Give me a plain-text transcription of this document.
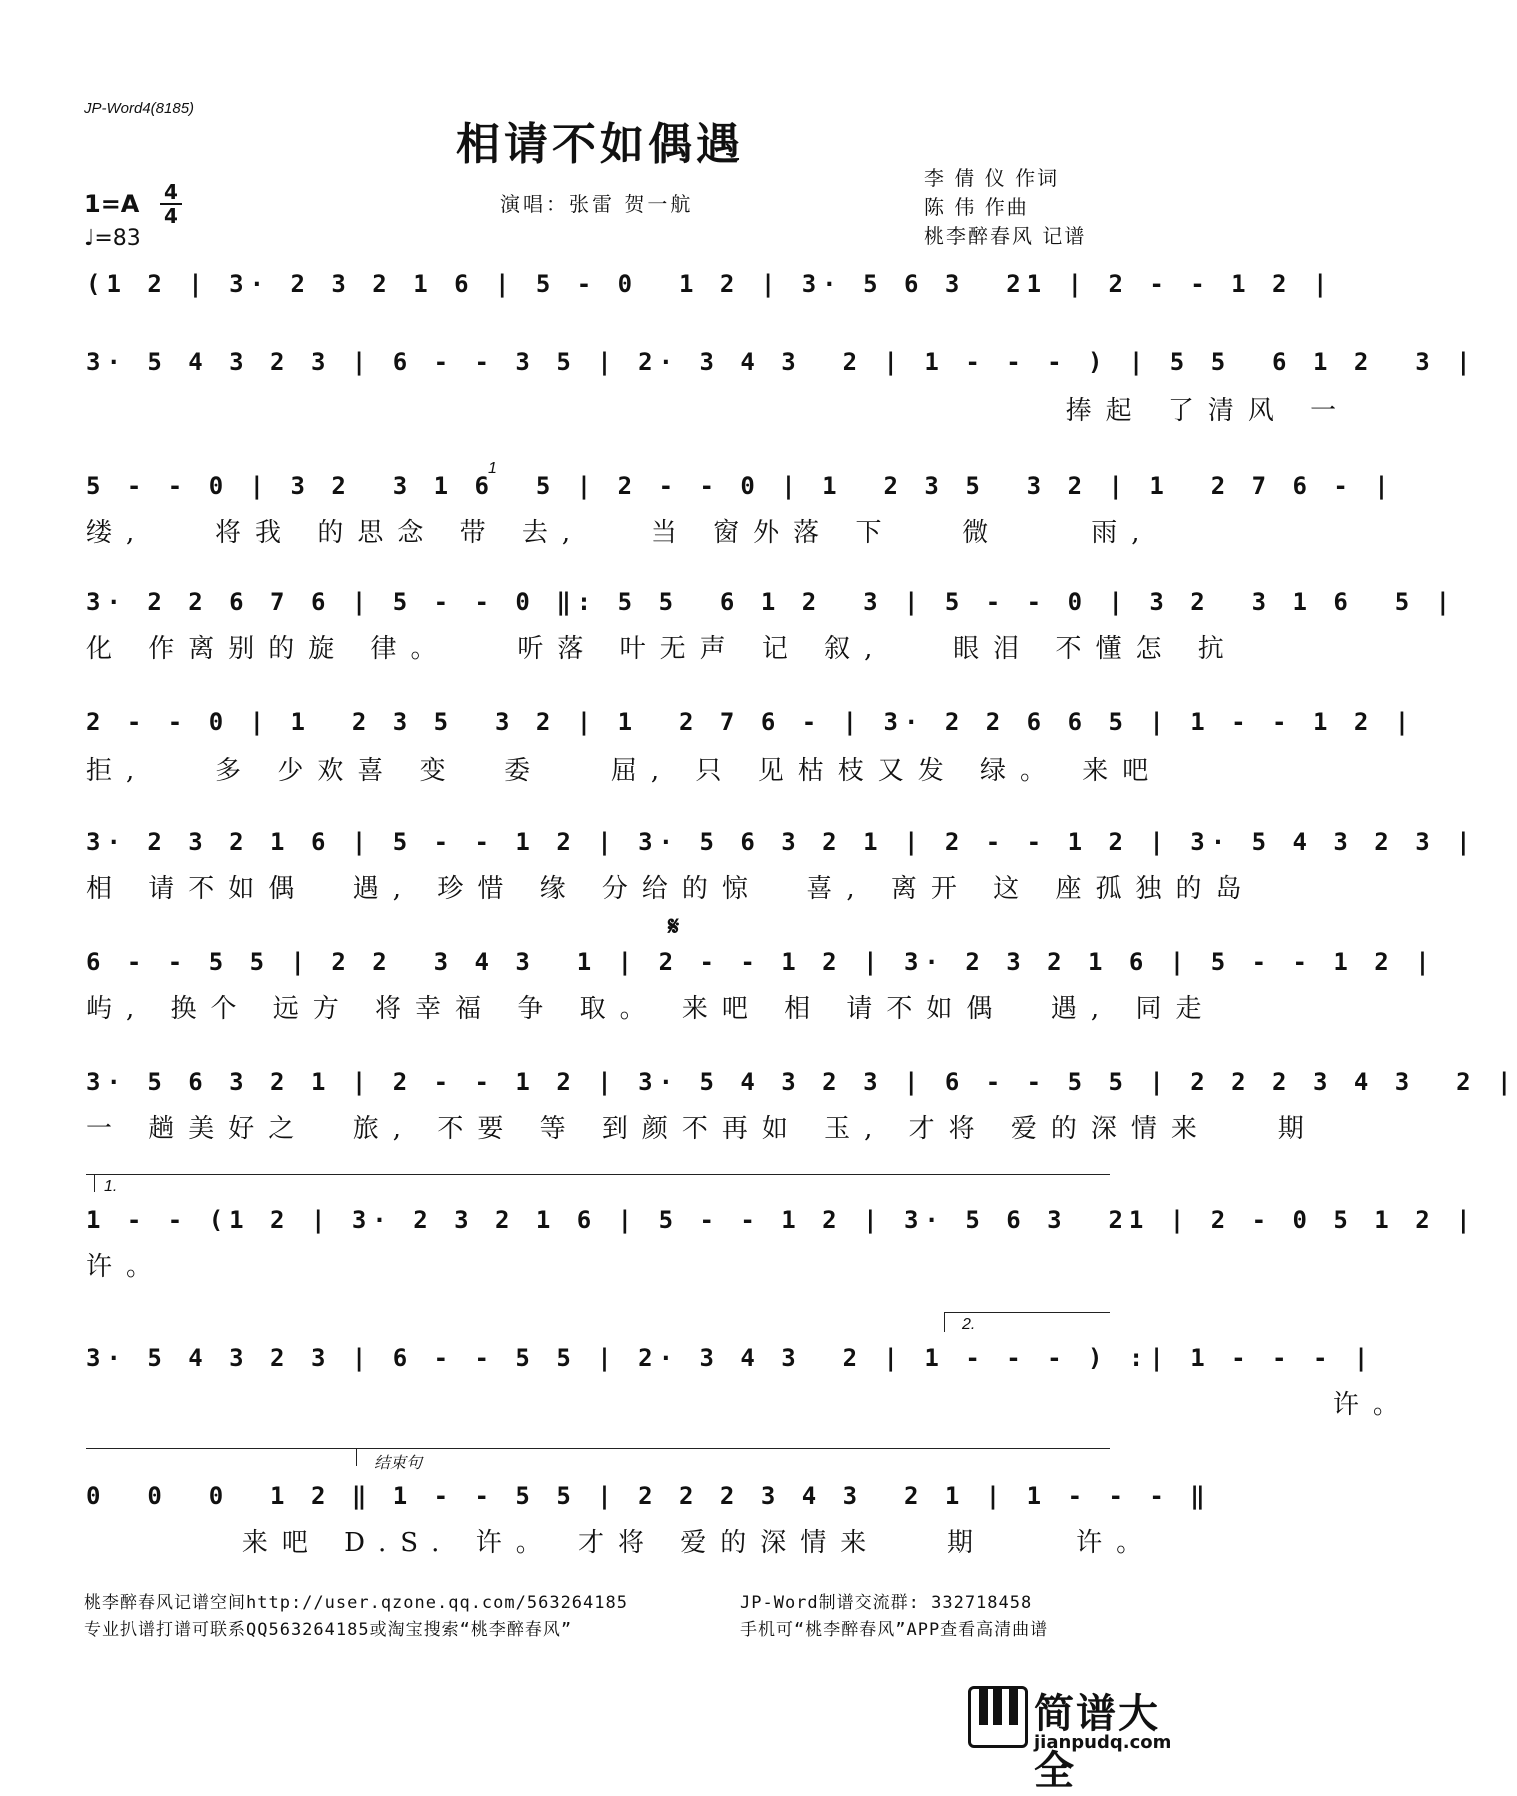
JP-Word4(8185)
相请不如偶遇
1=A 4
4
♩=83
演唱：张雷 贺一航
李 倩 仪 作词
陈 伟 作曲
桃李醉春风 记谱
(1 2 | 3· 2 3 2 1 6 | 5 - 0  1 2 | 3· 5 6 3  21 | 2 - - 1 2 |
3· 5 4 3 2 3 | 6 - - 3 5 | 2· 3 4 3  2 | 1 - - - ) | 5 5  6 1 2  3 |
捧起 了清风 一
1
5 - - 0 | 3 2  3 1 6  5 | 2 - - 0 | 1  2 3 5  3 2 | 1  2 7 6 - |
缕,   将我 的思念 带 去,   当 窗外落 下   微    雨,
3· 2 2 6 7 6 | 5 - - 0 ‖: 5 5  6 1 2  3 | 5 - - 0 | 3 2  3 1 6  5 |
化 作离别的旋 律。   听落 叶无声 记 叙,   眼泪 不懂怎 抗
2 - - 0 | 1  2 3 5  3 2 | 1  2 7 6 - | 3· 2 2 6 6 5 | 1 - - 1 2 |
拒,   多 少欢喜 变  委   屈, 只 见枯枝又发 绿。 来吧
3· 2 3 2 1 6 | 5 - - 1 2 | 3· 5 6 3 2 1 | 2 - - 1 2 | 3· 5 4 3 2 3 |
相 请不如偶  遇, 珍惜 缘 分给的惊  喜, 离开 这 座孤独的岛
𝄋
6 - - 5 5 | 2 2  3 4 3  1 | 2 - - 1 2 | 3· 2 3 2 1 6 | 5 - - 1 2 |
屿, 换个 远方 将幸福 争 取。 来吧 相 请不如偶  遇, 同走
3· 5 6 3 2 1 | 2 - - 1 2 | 3· 5 4 3 2 3 | 6 - - 5 5 | 2 2 2 3 4 3  2 |
一 趟美好之  旅, 不要 等 到颜不再如 玉, 才将 爱的深情来   期
1.
1 - - (1 2 | 3· 2 3 2 1 6 | 5 - - 1 2 | 3· 5 6 3  21 | 2 - 0 5 1 2 |
许。
2.
3· 5 4 3 2 3 | 6 - - 5 5 | 2· 3 4 3  2 | 1 - - - ) :| 1 - - - |
许。
结束句
0  0  0  1 2 ‖ 1 - - 5 5 | 2 2 2 3 4 3  2 1 | 1 - - - ‖
来吧 D.S. 许。 才将 爱的深情来   期    许。
桃李醉春风记谱空间http://user.qzone.qq.com/563264185
专业扒谱打谱可联系QQ563264185或淘宝搜索“桃李醉春风”
JP-Word制谱交流群: 332718458
手机可“桃李醉春风”APP查看高清曲谱
简谱大全
jianpudq.com
